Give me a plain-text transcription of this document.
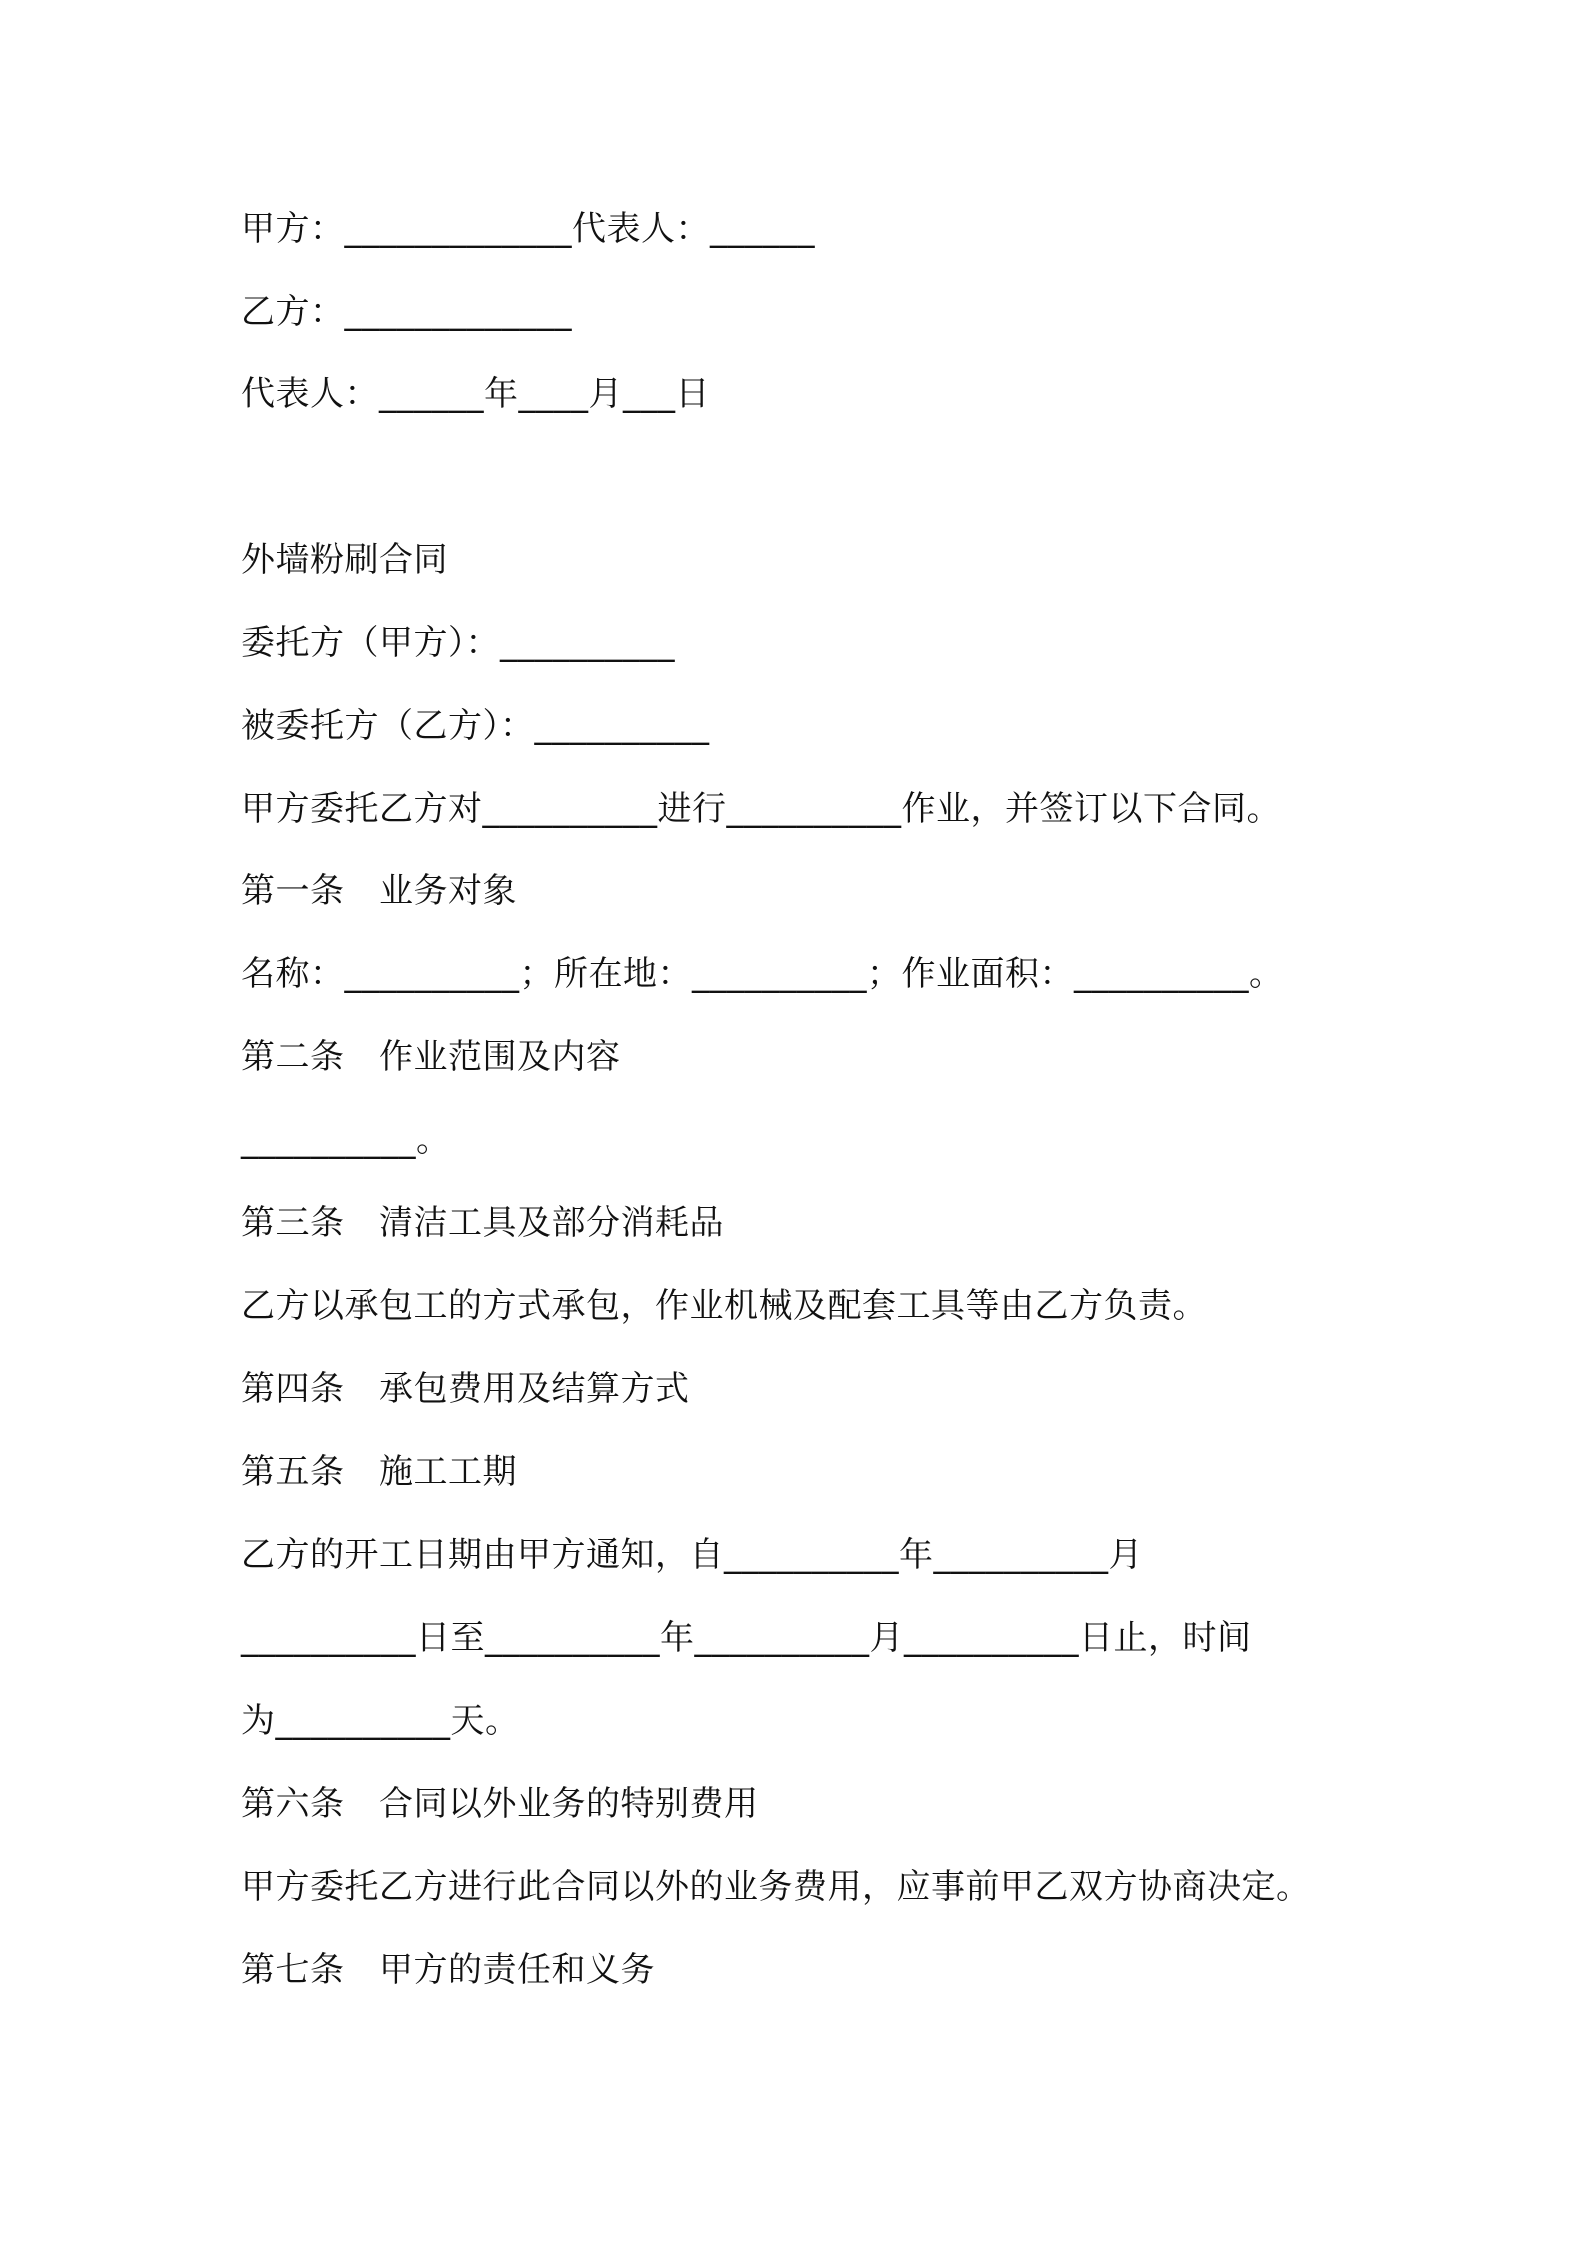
甲方：_____________代表人：______
乙方：_____________
代表人：______年____月___日
外墙粉刷合同
委托方（甲方）：__________
被委托方（乙方）：__________
甲方委托乙方对__________进行__________作业，并签订以下合同。
第一条　业务对象
名称：__________；所在地：__________；作业面积：__________。
第二条　作业范围及内容
__________。
第三条　清洁工具及部分消耗品
乙方以承包工的方式承包，作业机械及配套工具等由乙方负责。
第四条　承包费用及结算方式
第五条　施工工期
乙方的开工日期由甲方通知，自__________年__________月
__________日至__________年__________月__________日止，时间
为__________天。
第六条　合同以外业务的特别费用
甲方委托乙方进行此合同以外的业务费用，应事前甲乙双方协商决定。
第七条　甲方的责任和义务
